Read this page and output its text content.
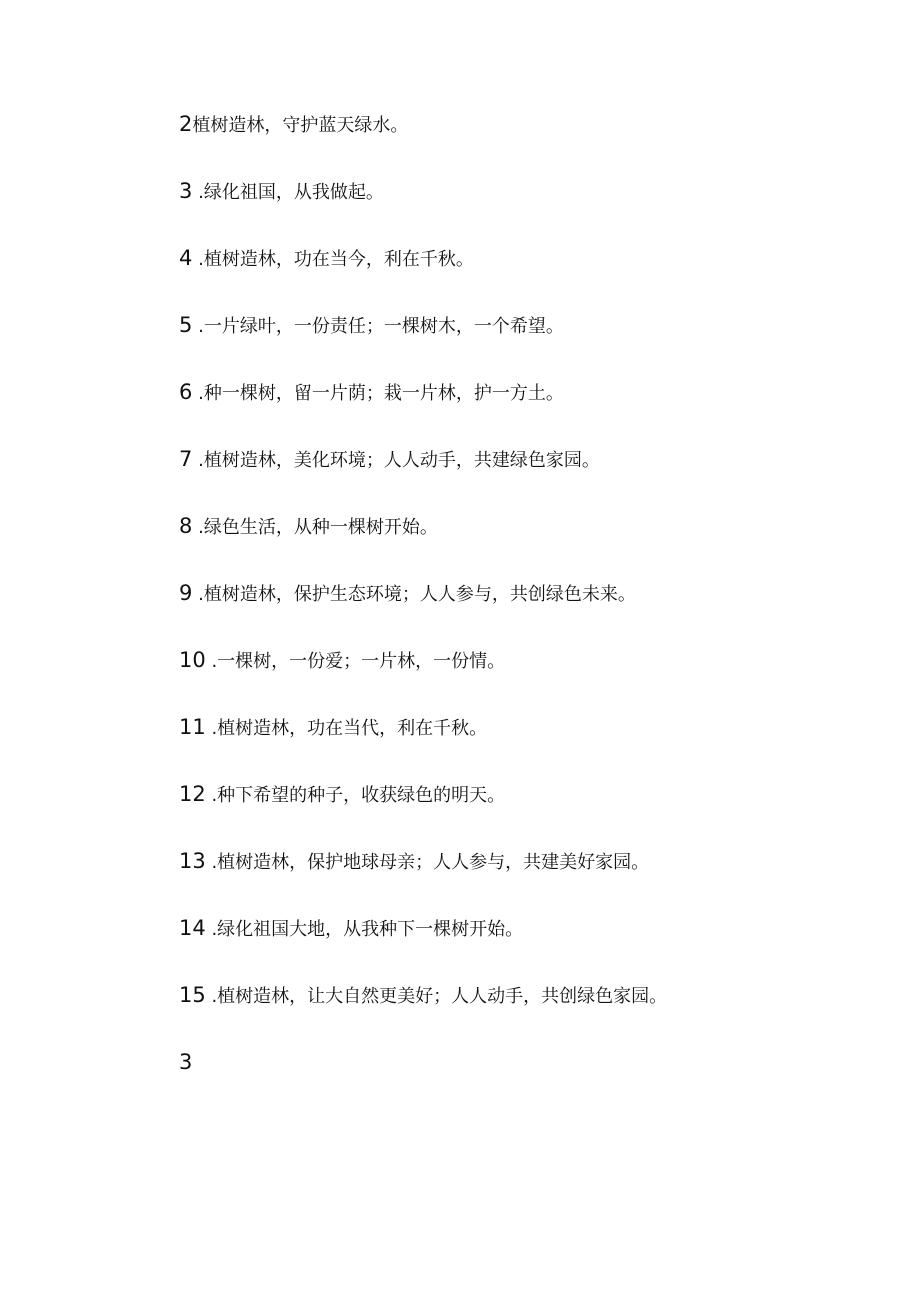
2植树造林，守护蓝天绿水。
3 .绿化祖国，从我做起。
4 .植树造林，功在当今，利在千秋。
5 .一片绿叶，一份责任；一棵树木，一个希望。
6 .种一棵树，留一片荫；栽一片林，护一方土。
7 .植树造林，美化环境；人人动手，共建绿色家园。
8 .绿色生活，从种一棵树开始。
9 .植树造林，保护生态环境；人人参与，共创绿色未来。
10 .一棵树，一份爱；一片林，一份情。
11 .植树造林，功在当代，利在千秋。
12 .种下希望的种子，收获绿色的明天。
13 .植树造林，保护地球母亲；人人参与，共建美好家园。
14 .绿化祖国大地，从我种下一棵树开始。
15 .植树造林，让大自然更美好；人人动手，共创绿色家园。
3
